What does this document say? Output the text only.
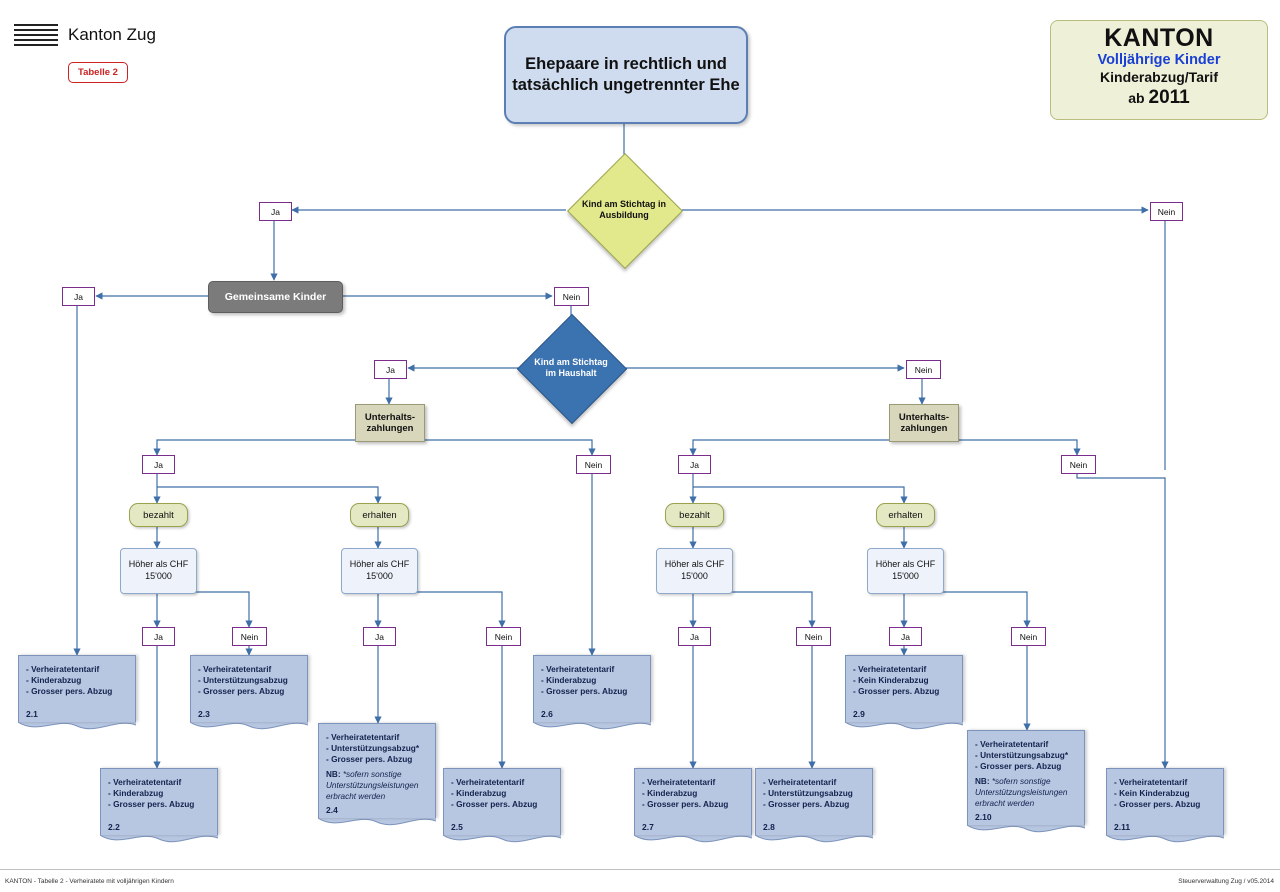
Kanton Zug
Tabelle 2	Ehepaare in rechtlich und tatsächlich ungetrennter Ehe
KANTON
Volljährige Kinder
Kinderabzug/Tarif
ab 2011
Kind am Stichtag in Ausbildung
Gemeinsame Kinder
Kind am Stichtag im Haushalt
Unterhalts-zahlungen
Unterhalts-zahlungen
bezahlt	erhalten	bezahlt	erhalten
Höher als CHF 15'000
Höher als CHF 15'000
Höher als CHF 15'000
Höher als CHF 15'000
Ja	Nein
Ja	Nein
Ja	Nein
Ja	Nein	Ja	Nein
Ja	Nein	Ja	Nein	Ja	Nein	Ja	Nein
- Verheiratetentarif
- Kinderabzug
- Grosser pers. Abzug
2.1
- Verheiratetentarif
- Unterstützungsabzug
- Grosser pers. Abzug
2.3
- Verheiratetentarif
- Kinderabzug
- Grosser pers. Abzug
2.6
- Verheiratetentarif
- Kein Kinderabzug
- Grosser pers. Abzug
2.9
- Verheiratetentarif
- Unterstützungsabzug*
- Grosser pers. Abzug
NB: *sofern sonstige Unterstützungsleistungen erbracht werden
2.4
- Verheiratetentarif
- Unterstützungsabzug*
- Grosser pers. Abzug
NB: *sofern sonstige Unterstützungsleistungen erbracht werden
2.10
- Verheiratetentarif
- Kinderabzug
- Grosser pers. Abzug
2.2
- Verheiratetentarif
- Kinderabzug
- Grosser pers. Abzug
2.5
- Verheiratetentarif
- Kinderabzug
- Grosser pers. Abzug
2.7
- Verheiratetentarif
- Unterstützungsabzug
- Grosser pers. Abzug
2.8
- Verheiratetentarif
- Kein Kinderabzug
- Grosser pers. Abzug
2.11
KANTON - Tabelle 2 - Verheiratete mit volljährigen Kindern	Steuerverwaltung Zug / v05.2014
